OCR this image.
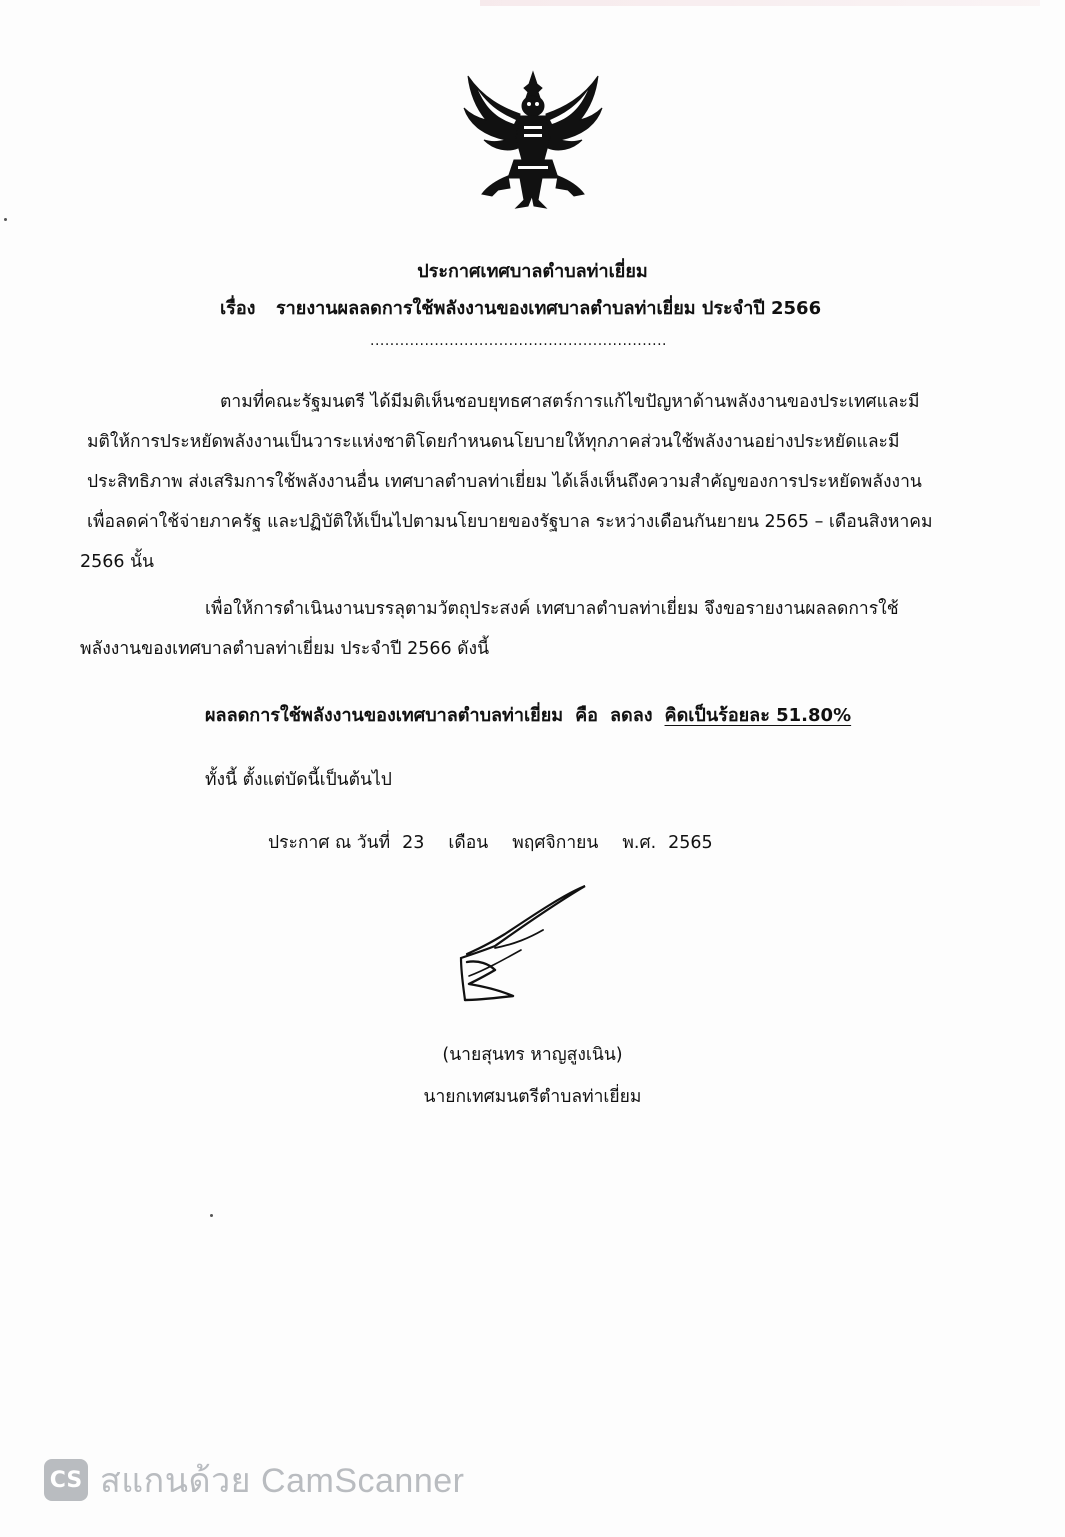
ประกาศเทศบาลตำบลท่าเยี่ยม
เรื่อง รายงานผลลดการใช้พลังงานของเทศบาลตำบลท่าเยี่ยม ประจำปี 2566
............................................................
ตามที่คณะรัฐมนตรี ได้มีมติเห็นชอบยุทธศาสตร์การแก้ไขปัญหาด้านพลังงานของประเทศและมี
มติให้การประหยัดพลังงานเป็นวาระแห่งชาติโดยกำหนดนโยบายให้ทุกภาคส่วนใช้พลังงานอย่างประหยัดและมี
ประสิทธิภาพ ส่งเสริมการใช้พลังงานอื่น เทศบาลตำบลท่าเยี่ยม ได้เล็งเห็นถึงความสำคัญของการประหยัดพลังงาน
เพื่อลดค่าใช้จ่ายภาครัฐ และปฏิบัติให้เป็นไปตามนโยบายของรัฐบาล ระหว่างเดือนกันยายน 2565 – เดือนสิงหาคม
2566 นั้น
เพื่อให้การดำเนินงานบรรลุตามวัตถุประสงค์ เทศบาลตำบลท่าเยี่ยม จึงขอรายงานผลลดการใช้
พลังงานของเทศบาลตำบลท่าเยี่ยม ประจำปี 2566 ดังนี้
ผลลดการใช้พลังงานของเทศบาลตำบลท่าเยี่ยม คือ ลดลง คิดเป็นร้อยละ 51.80%
ทั้งนี้ ตั้งแต่บัดนี้เป็นต้นไป
ประกาศ ณ วันที่ 23 เดือน พฤศจิกายน พ.ศ. 2565
(นายสุนทร หาญสูงเนิน)
นายกเทศมนตรีตำบลท่าเยี่ยม
CS สแกนด้วย CamScanner
